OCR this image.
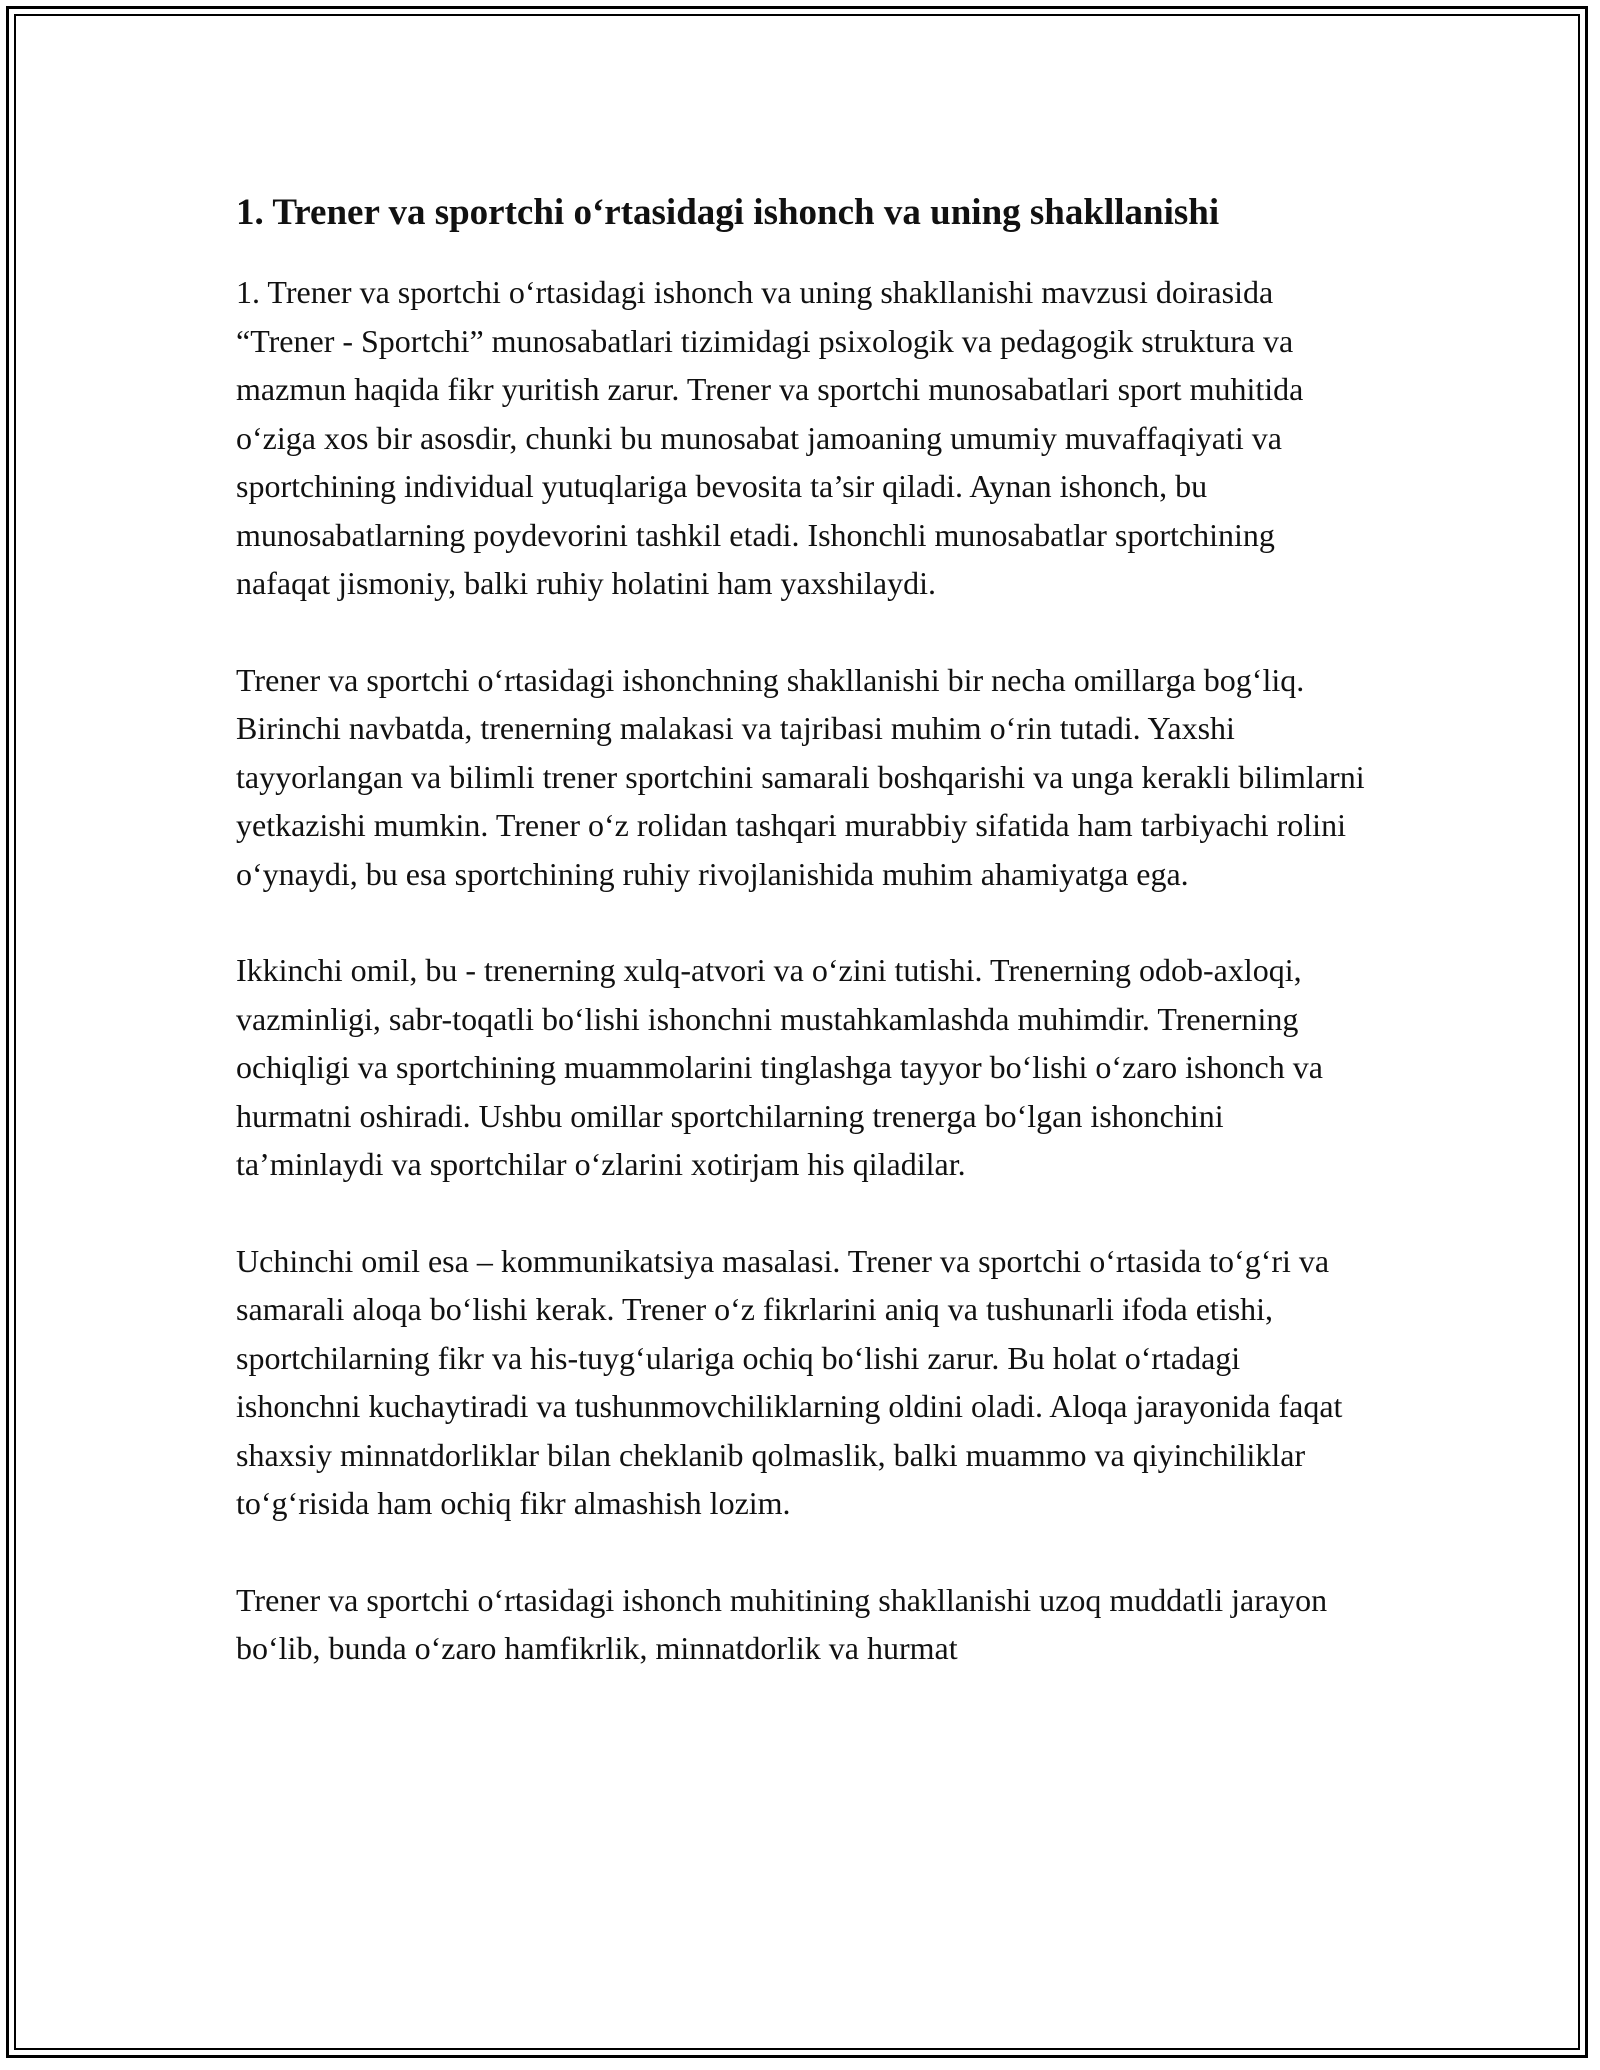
1. Trener va sportchi o‘rtasidagi ishonch va uning shakllanishi

1. Trener va sportchi o‘rtasidagi ishonch va uning shakllanishi mavzusi doirasida “Trener - Sportchi” munosabatlari tizimidagi psixologik va pedagogik struktura va mazmun haqida fikr yuritish zarur. Trener va sportchi munosabatlari sport muhitida o‘ziga xos bir asosdir, chunki bu munosabat jamoaning umumiy muvaffaqiyati va sportchining individual yutuqlariga bevosita ta’sir qiladi. Aynan ishonch, bu munosabatlarning poydevorini tashkil etadi. Ishonchli munosabatlar sportchining nafaqat jismoniy, balki ruhiy holatini ham yaxshilaydi.

Trener va sportchi o‘rtasidagi ishonchning shakllanishi bir necha omillarga bog‘liq. Birinchi navbatda, trenerning malakasi va tajribasi muhim o‘rin tutadi. Yaxshi tayyorlangan va bilimli trener sportchini samarali boshqarishi va unga kerakli bilimlarni yetkazishi mumkin. Trener o‘z rolidan tashqari murabbiy sifatida ham tarbiyachi rolini o‘ynaydi, bu esa sportchining ruhiy rivojlanishida muhim ahamiyatga ega.

Ikkinchi omil, bu - trenerning xulq-atvori va o‘zini tutishi. Trenerning odob-axloqi, vazminligi, sabr-toqatli bo‘lishi ishonchni mustahkamlashda muhimdir. Trenerning ochiqligi va sportchining muammolarini tinglashga tayyor bo‘lishi o‘zaro ishonch va hurmatni oshiradi. Ushbu omillar sportchilarning trenerga bo‘lgan ishonchini ta’minlaydi va sportchilar o‘zlarini xotirjam his qiladilar.

Uchinchi omil esa – kommunikatsiya masalasi. Trener va sportchi o‘rtasida to‘g‘ri va samarali aloqa bo‘lishi kerak. Trener o‘z fikrlarini aniq va tushunarli ifoda etishi, sportchilarning fikr va his-tuyg‘ulariga ochiq bo‘lishi zarur. Bu holat o‘rtadagi ishonchni kuchaytiradi va tushunmovchiliklarning oldini oladi. Aloqa jarayonida faqat shaxsiy minnatdorliklar bilan cheklanib qolmaslik, balki muammo va qiyinchiliklar to‘g‘risida ham ochiq fikr almashish lozim.

Trener va sportchi o‘rtasidagi ishonch muhitining shakllanishi uzoq muddatli jarayon bo‘lib, bunda o‘zaro hamfikrlik, minnatdorlik va hurmat
